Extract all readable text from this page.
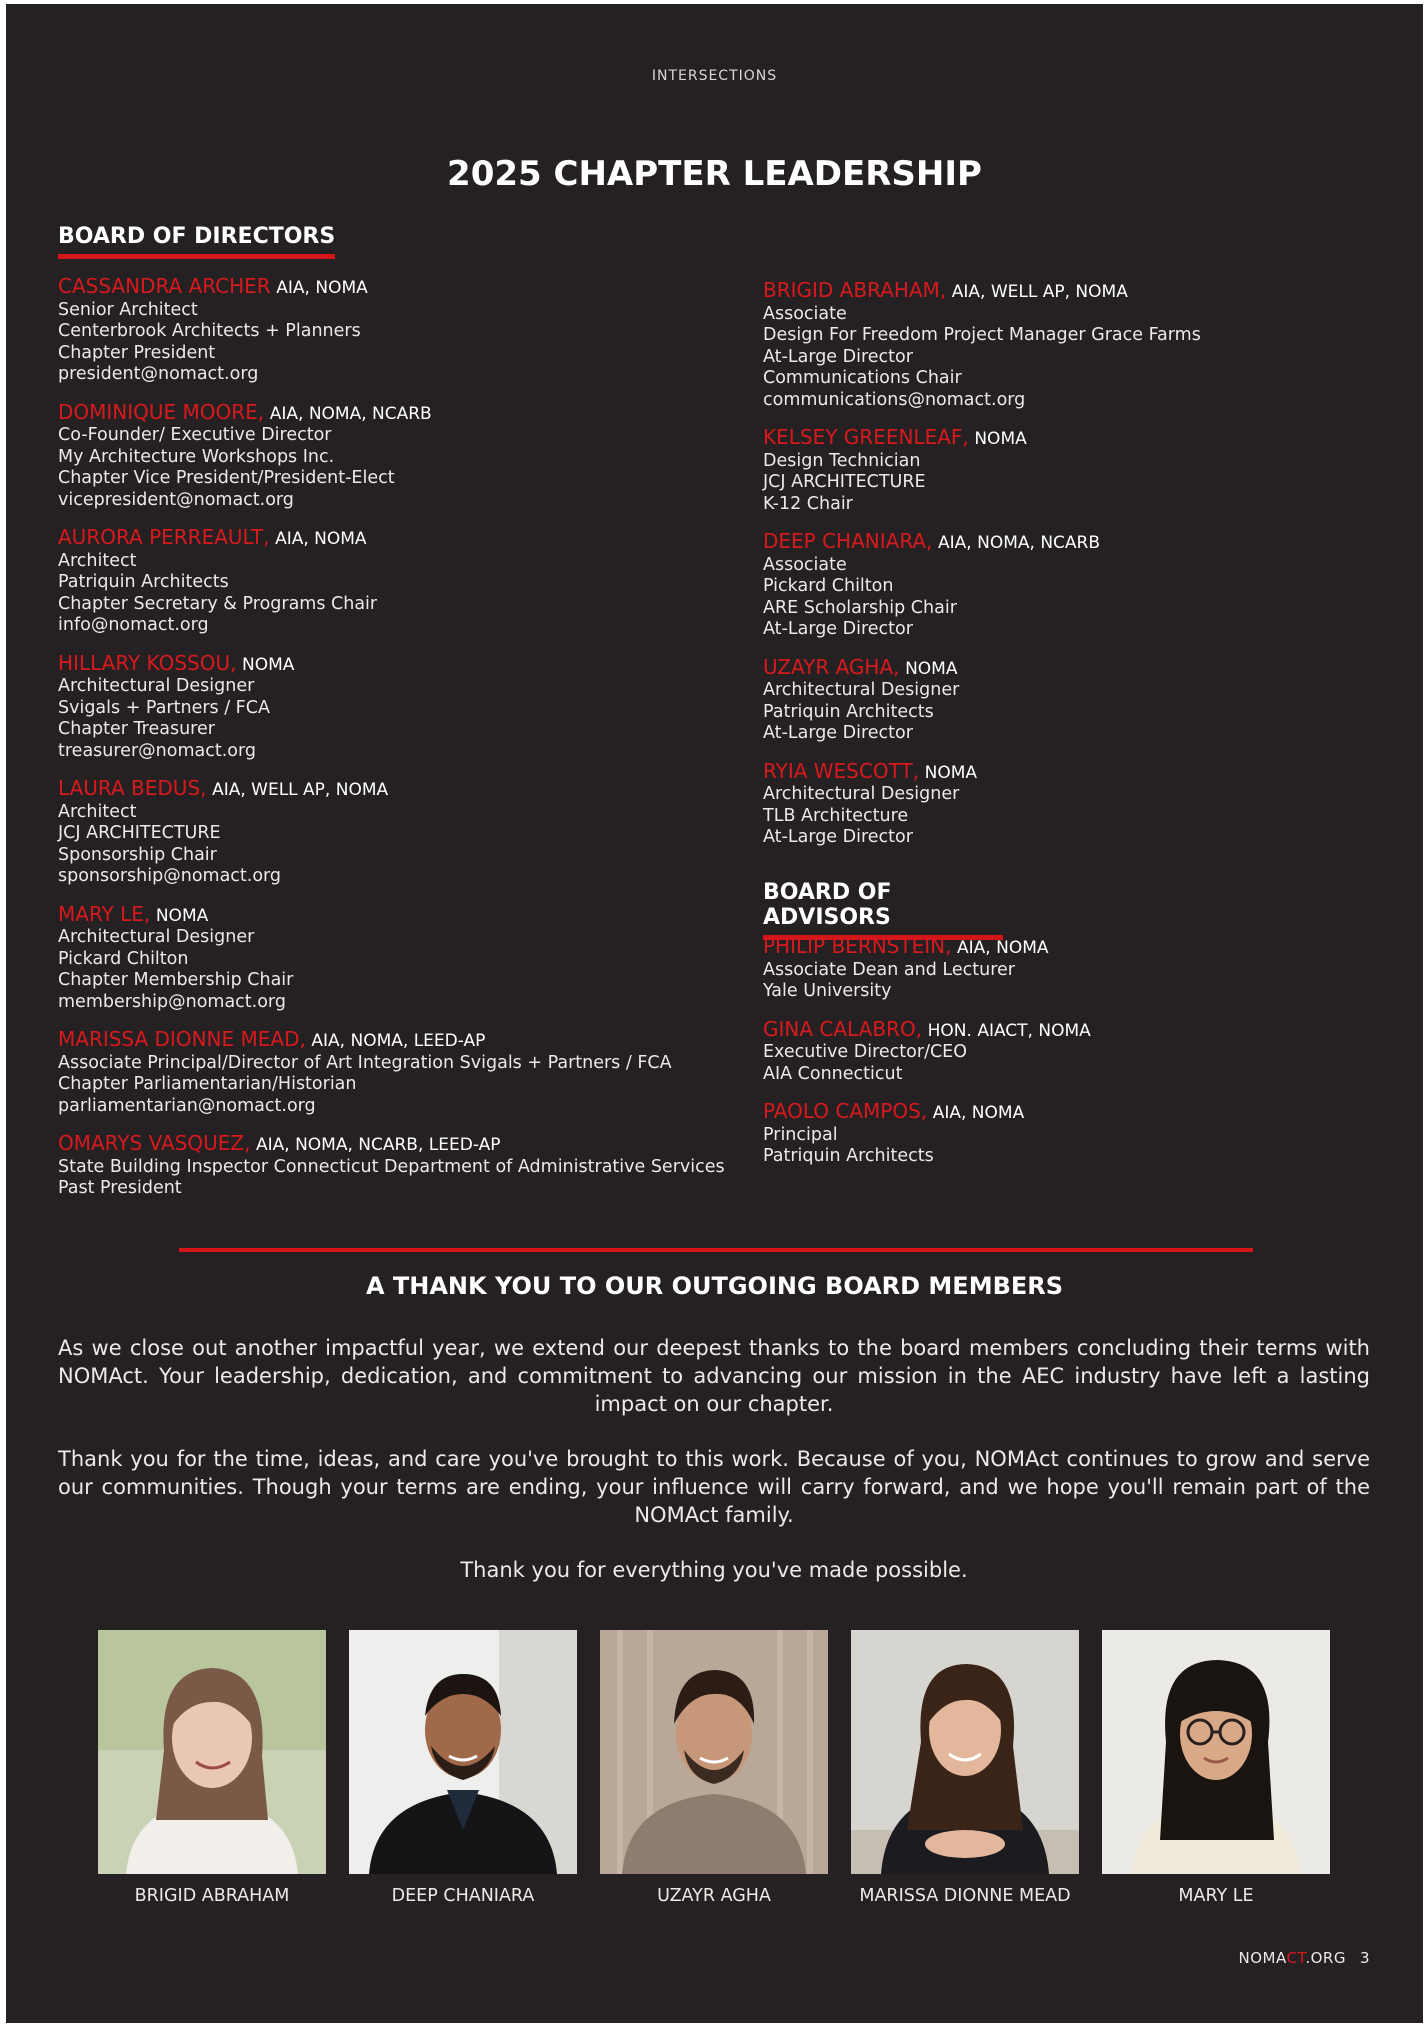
INTERSECTIONS
2025 CHAPTER LEADERSHIP
BOARD OF DIRECTORS
CASSANDRA ARCHER AIA, NOMA
Senior Architect
Centerbrook Architects + Planners
Chapter President
president@nomact.org
DOMINIQUE MOORE, AIA, NOMA, NCARB
Co-Founder/ Executive Director
My Architecture Workshops Inc.
Chapter Vice President/President-Elect
vicepresident@nomact.org
AURORA PERREAULT, AIA, NOMA
Architect
Patriquin Architects
Chapter Secretary & Programs Chair
info@nomact.org
HILLARY KOSSOU, NOMA
Architectural Designer
Svigals + Partners / FCA
Chapter Treasurer
treasurer@nomact.org
LAURA BEDUS, AIA, WELL AP, NOMA
Architect
JCJ ARCHITECTURE
Sponsorship Chair
sponsorship@nomact.org
MARY LE, NOMA
Architectural Designer
Pickard Chilton
Chapter Membership Chair
membership@nomact.org
MARISSA DIONNE MEAD, AIA, NOMA, LEED-AP
Associate Principal/Director of Art Integration Svigals + Partners / FCA
Chapter Parliamentarian/Historian
parliamentarian@nomact.org
OMARYS VASQUEZ, AIA, NOMA, NCARB, LEED-AP
State Building Inspector Connecticut Department of Administrative Services
Past President
BRIGID ABRAHAM, AIA, WELL AP, NOMA
Associate
Design For Freedom Project Manager Grace Farms
At-Large Director
Communications Chair
communications@nomact.org
KELSEY GREENLEAF, NOMA
Design Technician
JCJ ARCHITECTURE
K-12 Chair
DEEP CHANIARA, AIA, NOMA, NCARB
Associate
Pickard Chilton
ARE Scholarship Chair
At-Large Director
UZAYR AGHA, NOMA
Architectural Designer
Patriquin Architects
At-Large Director
RYIA WESCOTT, NOMA
Architectural Designer
TLB Architecture
At-Large Director
BOARD OF ADVISORS
PHILIP BERNSTEIN, AIA, NOMA
Associate Dean and Lecturer
Yale University
GINA CALABRO, HON. AIACT, NOMA
Executive Director/CEO
AIA Connecticut
PAOLO CAMPOS, AIA, NOMA
Principal
Patriquin Architects
A THANK YOU TO OUR OUTGOING BOARD MEMBERS
As we close out another impactful year, we extend our deepest thanks to the board members concluding their terms with NOMAct. Your leadership, dedication, and commitment to advancing our mission in the AEC industry have left a lasting impact on our chapter.
Thank you for the time, ideas, and care you've brought to this work. Because of you, NOMAct continues to grow and serve our communities. Though your terms are ending, your influence will carry forward, and we hope you'll remain part of the NOMAct family.
Thank you for everything you've made possible.
BRIGID ABRAHAM	DEEP CHANIARA	UZAYR AGHA	MARISSA DIONNE MEAD	MARY LE
NOMACT.ORG 3
